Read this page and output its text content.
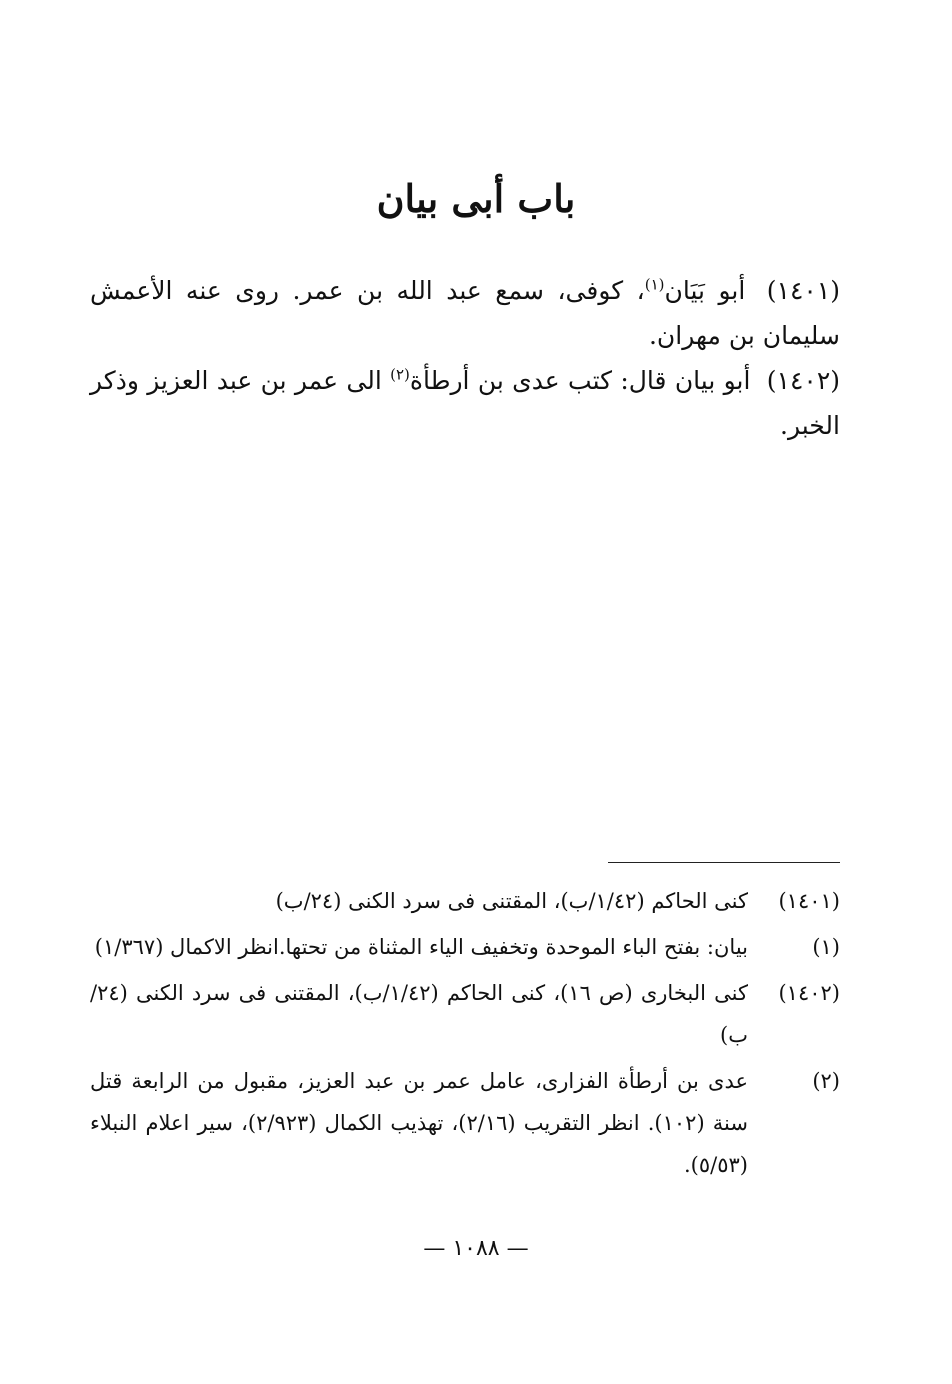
باب أبى بيان

(١٤٠١) أبو بَيَان$^{(١)}$، كوفى، سمع عبد الله بن عمر. روى عنه الأعمش سليمان بن مهران.

(١٤٠٢) أبو بيان قال: كتب عدى بن أرطأة$^{(٢)}$ الى عمر بن عبد العزيز وذكر الخبر.

(١٤٠١)
كنى الحاكم (١/٤٢/ب)، المقتنى فى سرد الكنى (٢٤/ب)
(١)
بيان: بفتح الباء الموحدة وتخفيف الياء المثناة من تحتها.انظر الاكمال (١/٣٦٧)
(١٤٠٢)
كنى البخارى (ص ١٦)، كنى الحاكم (١/٤٢/ب)، المقتنى فى سرد الكنى (٢٤/ب)
(٢)
عدى بن أرطأة الفزارى، عامل عمر بن عبد العزيز، مقبول من الرابعة قتل سنة (١٠٢). انظر التقريب (٢/١٦)، تهذيب الكمال (٢/٩٢٣)، سير اعلام النبلاء (٥/٥٣).
— ١٠٨٨ —
